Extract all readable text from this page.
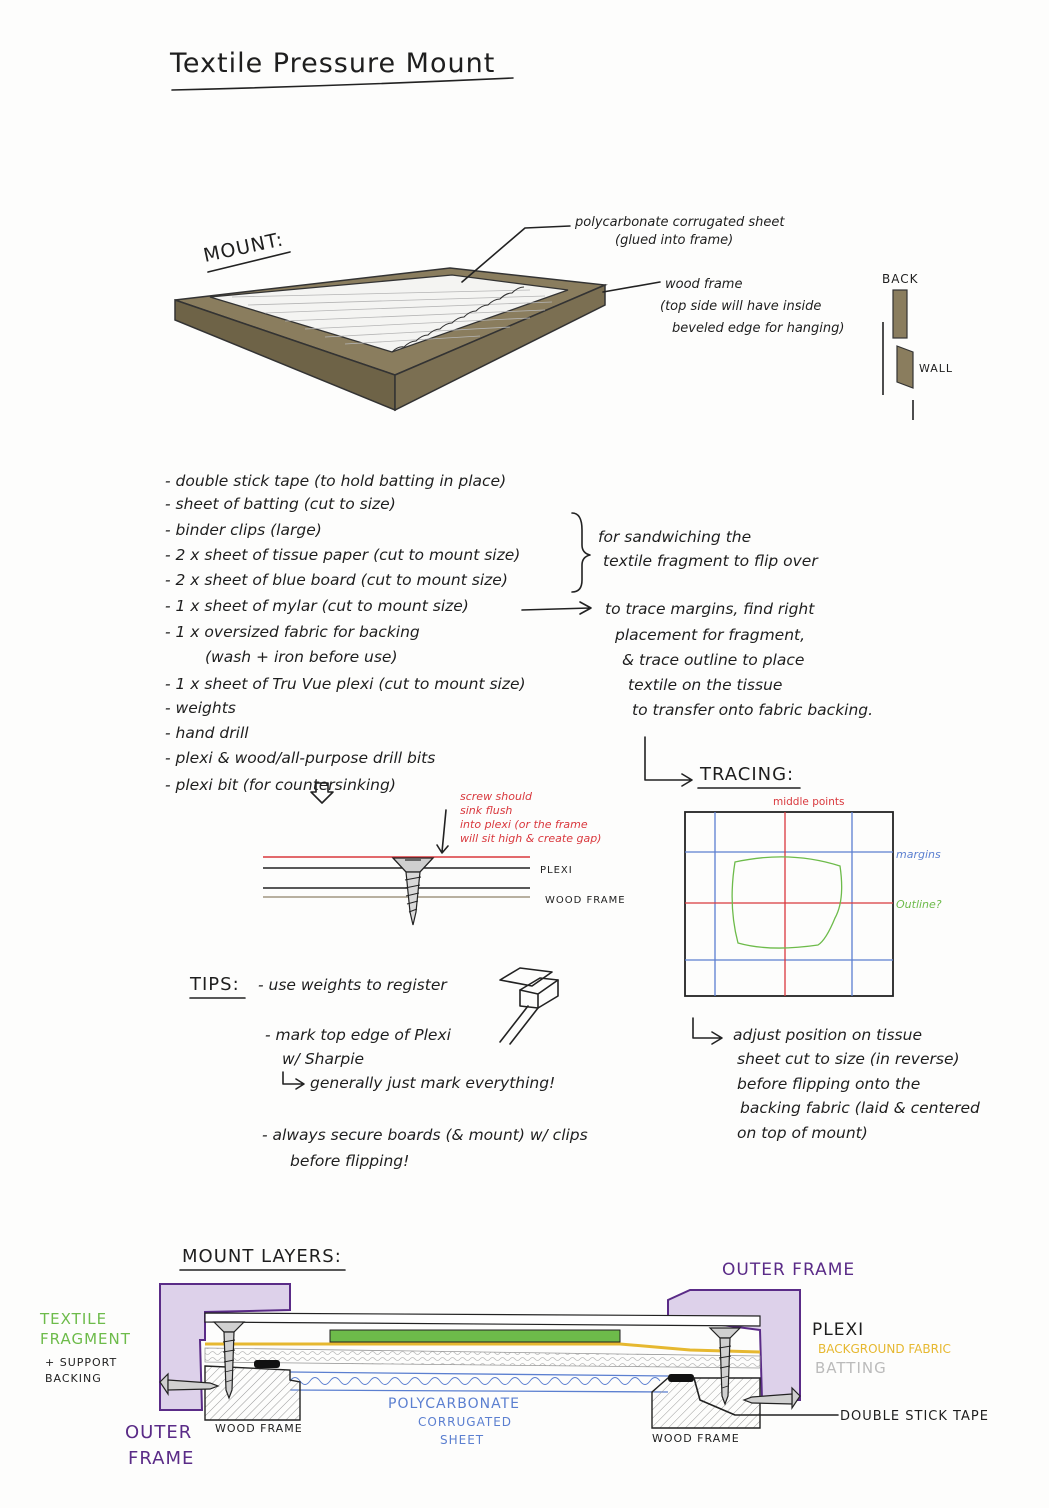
Textile Pressure Mount
MOUNT:
polycarbonate corrugated sheet
(glued into frame)
wood frame
(top side will have inside
beveled edge for hanging)
BACK
WALL
- double stick tape (to hold batting in place)
- sheet of batting (cut to size)
- binder clips (large)
- 2 x sheet of tissue paper (cut to mount size)
- 2 x sheet of blue board (cut to mount size)
- 1 x sheet of mylar (cut to mount size)
- 1 x oversized fabric for backing
(wash + iron before use)
- 1 x sheet of Tru Vue plexi (cut to mount size)
- weights
- hand drill
- plexi & wood/all-purpose drill bits
- plexi bit (for countersinking)
for sandwiching the
textile fragment to flip over
to trace margins, find right
placement for fragment,
& trace outline to place
textile on the tissue
to transfer onto fabric backing.
screw should
sink flush
into plexi (or the frame
will sit high & create gap)
PLEXI
WOOD FRAME
TRACING:
middle points
margins
Outline?
adjust position on tissue
sheet cut to size (in reverse)
before flipping onto the
backing fabric (laid & centered
on top of mount)
TIPS: - use weights to register
- mark top edge of Plexi
w/ Sharpie
generally just mark everything!
- always secure boards (& mount) w/ clips
before flipping!
MOUNT LAYERS:
OUTER FRAME
PLEXI
BACKGROUND FABRIC
BATTING
DOUBLE STICK TAPE
TEXTILE
FRAGMENT
+ SUPPORT
BACKING
OUTER
FRAME
WOOD FRAME
WOOD FRAME
POLYCARBONATE
CORRUGATED
SHEET
